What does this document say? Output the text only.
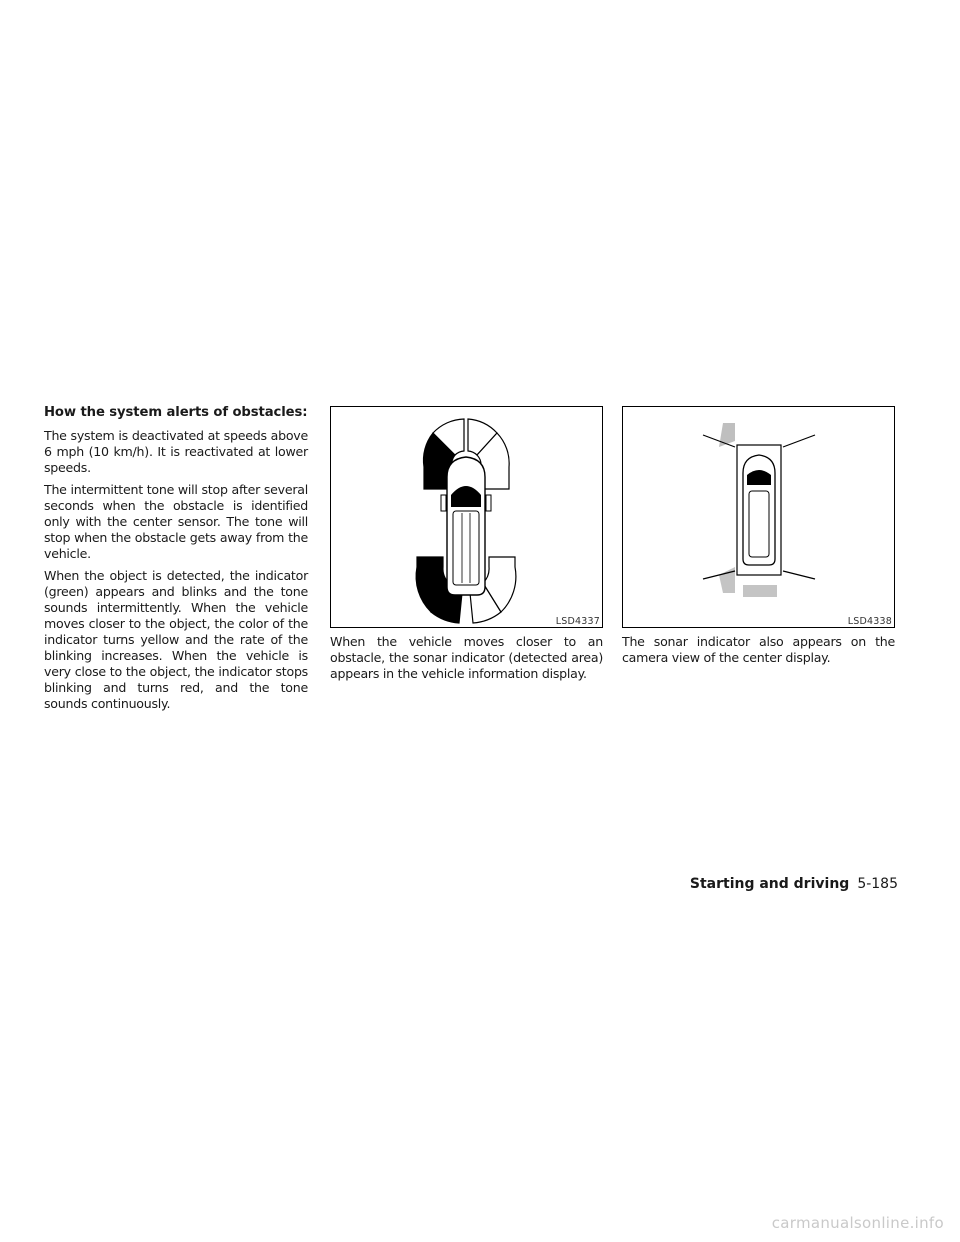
How the system alerts of obstacles:

The system is deactivated at speeds above 6 mph (10 km/h). It is reactivated at lower speeds.

The intermittent tone will stop after several seconds when the obstacle is identified only with the center sensor. The tone will stop when the obstacle gets away from the vehicle.

When the object is detected, the indicator (green) appears and blinks and the tone sounds intermittently. When the vehicle moves closer to the object, the color of the indicator turns yellow and the rate of the blinking increases. When the vehicle is very close to the object, the indicator stops blinking and turns red, and the tone sounds continuously.

LSD4337

When the vehicle moves closer to an obstacle, the sonar indicator (detected area) appears in the vehicle information display.

LSD4338

The sonar indicator also appears on the camera view of the center display.

Starting and driving 5-185
carmanualsonline.info
